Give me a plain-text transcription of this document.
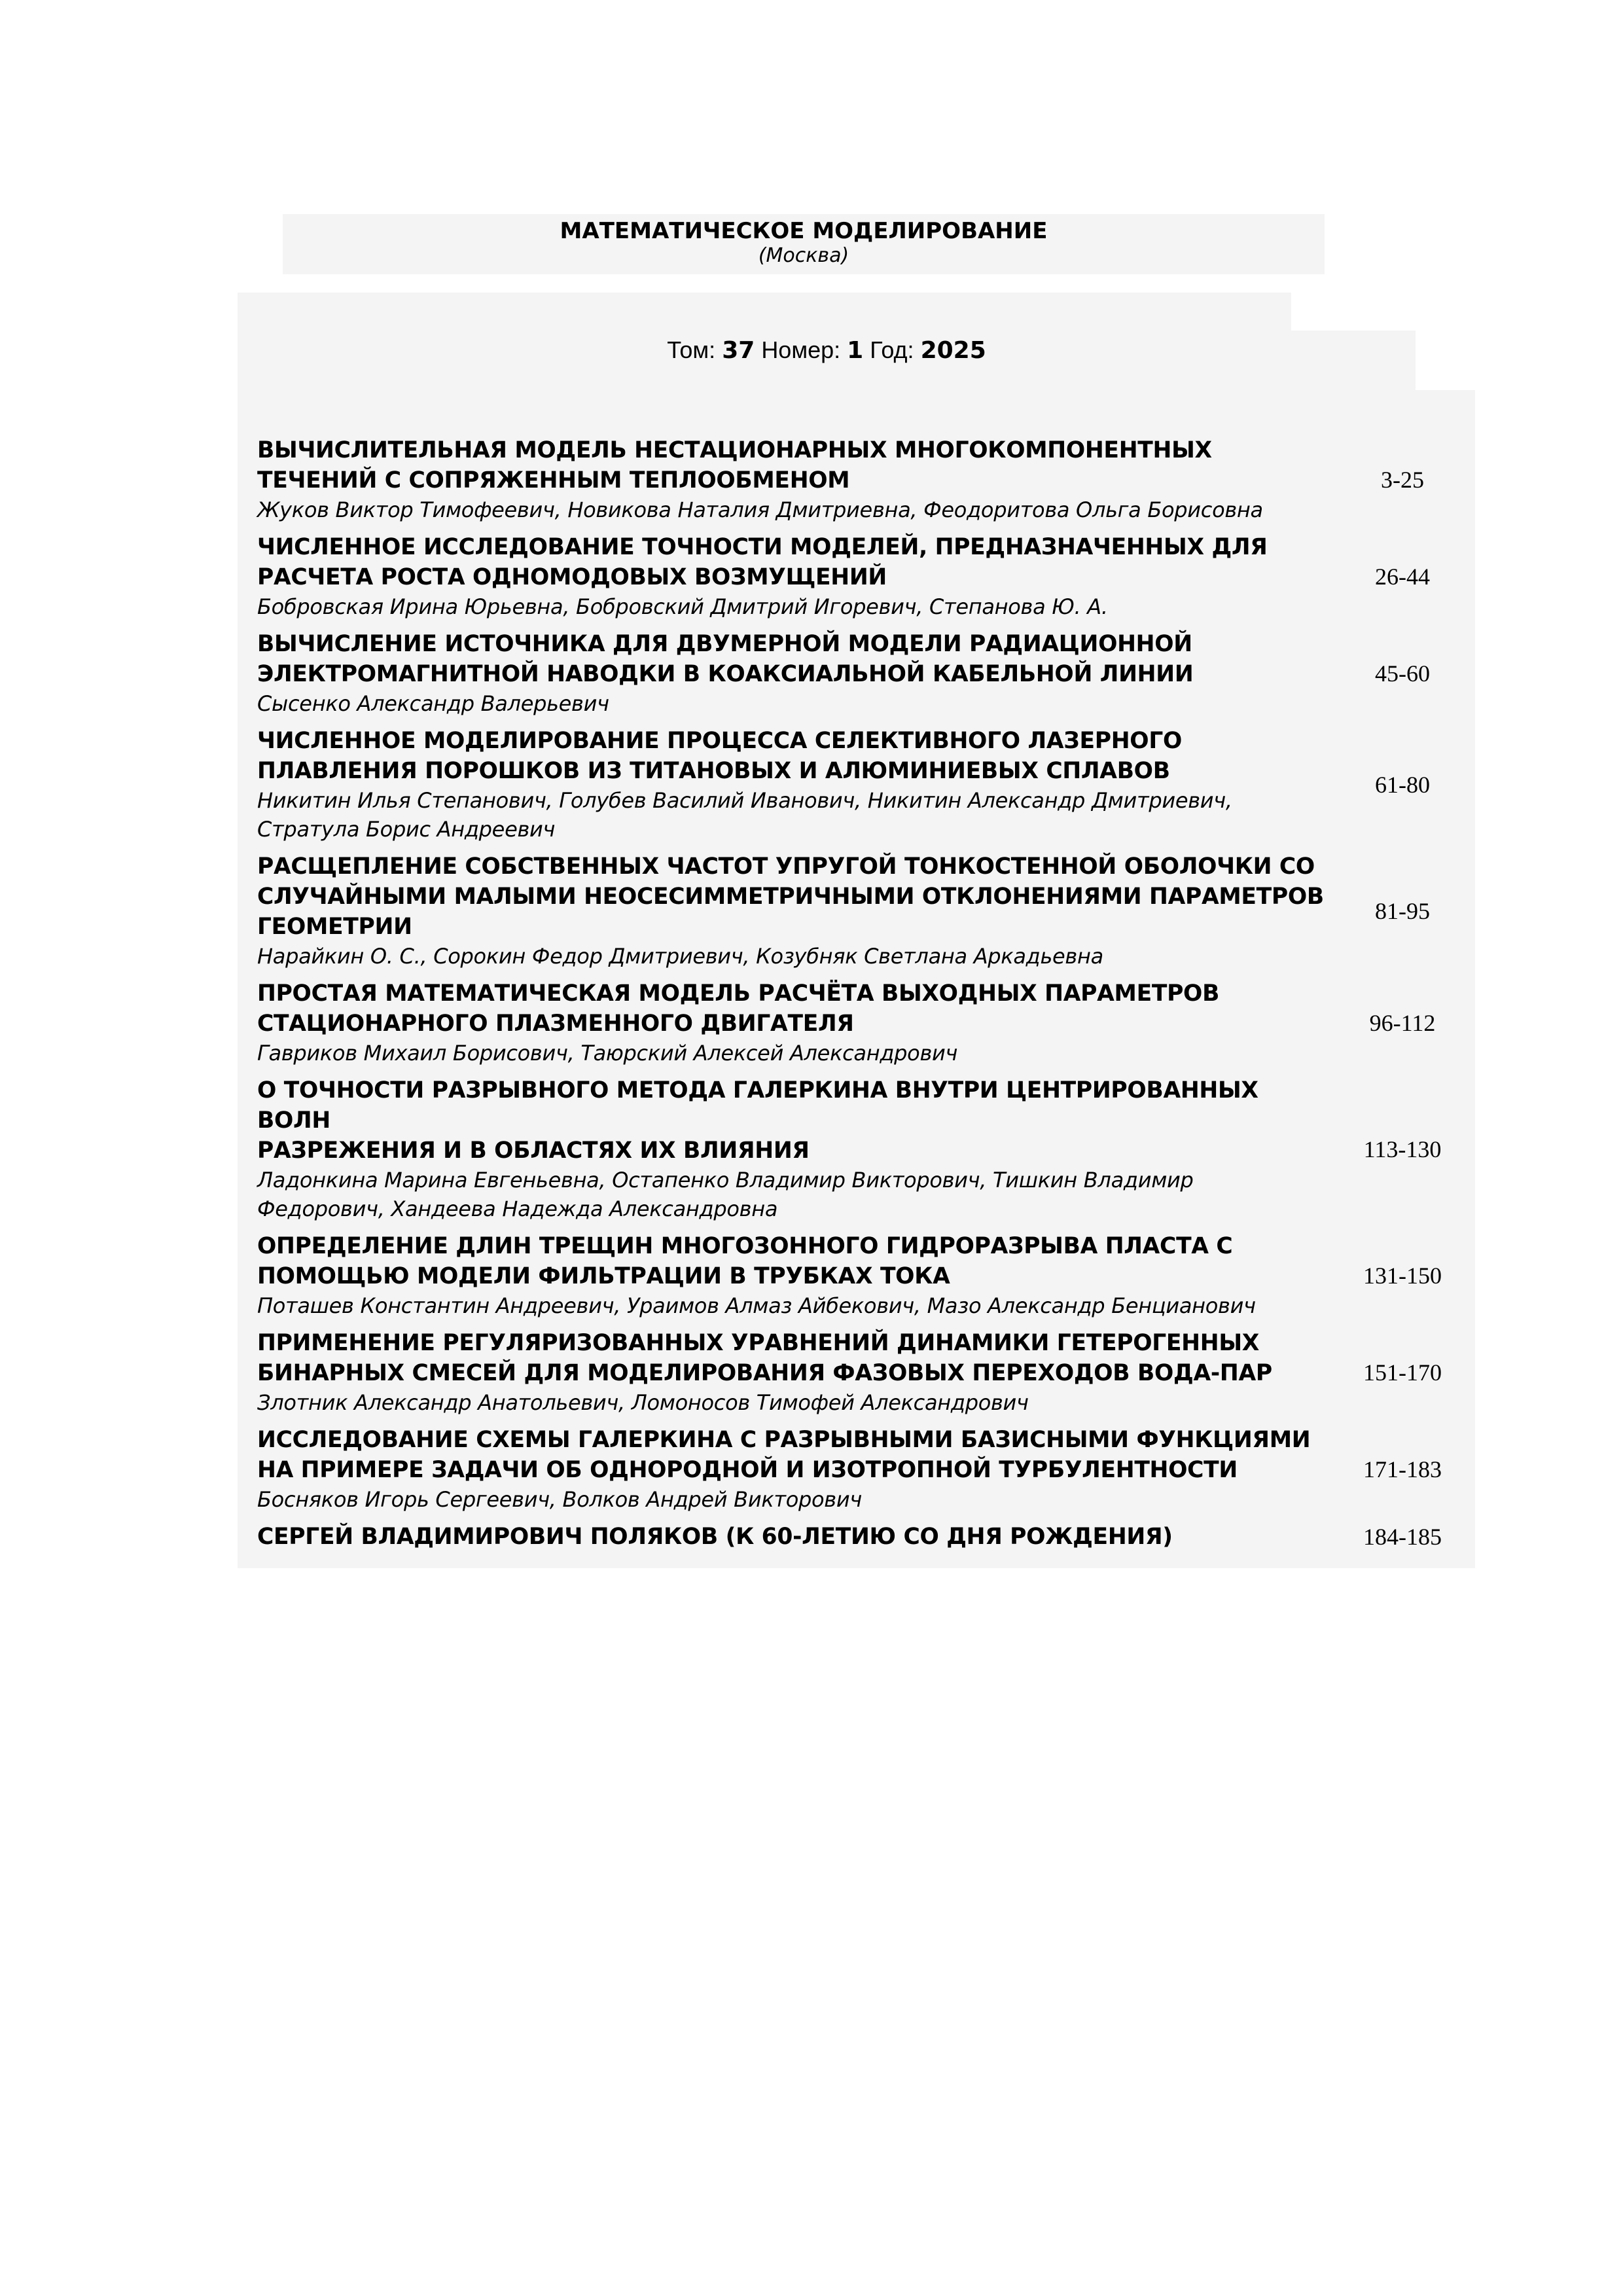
МАТЕМАТИЧЕСКОЕ МОДЕЛИРОВАНИЕ
(Москва)
Том: 37 Номер: 1 Год: 2025
ВЫЧИСЛИТЕЛЬНАЯ МОДЕЛЬ НЕСТАЦИОНАРНЫХ МНОГОКОМПОНЕНТНЫХ
ТЕЧЕНИЙ С СОПРЯЖЕННЫМ ТЕПЛООБМЕНОМ
Жуков Виктор Тимофеевич, Новикова Наталия Дмитриевна, Феодоритова Ольга Борисовна
3-25
ЧИСЛЕННОЕ ИССЛЕДОВАНИЕ ТОЧНОСТИ МОДЕЛЕЙ, ПРЕДНАЗНАЧЕННЫХ ДЛЯ
РАСЧЕТА РОСТА ОДНОМОДОВЫХ ВОЗМУЩЕНИЙ
Бобровская Ирина Юрьевна, Бобровский Дмитрий Игоревич, Степанова Ю. А.
26-44
ВЫЧИСЛЕНИЕ ИСТОЧНИКА ДЛЯ ДВУМЕРНОЙ МОДЕЛИ РАДИАЦИОННОЙ
ЭЛЕКТРОМАГНИТНОЙ НАВОДКИ В КОАКСИАЛЬНОЙ КАБЕЛЬНОЙ ЛИНИИ
Сысенко Александр Валерьевич
45-60
ЧИСЛЕННОЕ МОДЕЛИРОВАНИЕ ПРОЦЕССА СЕЛЕКТИВНОГО ЛАЗЕРНОГО
ПЛАВЛЕНИЯ ПОРОШКОВ ИЗ ТИТАНОВЫХ И АЛЮМИНИЕВЫХ СПЛАВОВ
Никитин Илья Степанович, Голубев Василий Иванович, Никитин Александр Дмитриевич,
Стратула Борис Андреевич
61-80
РАСЩЕПЛЕНИЕ СОБСТВЕННЫХ ЧАСТОТ УПРУГОЙ ТОНКОСТЕННОЙ ОБОЛОЧКИ СО
СЛУЧАЙНЫМИ МАЛЫМИ НЕОСЕСИММЕТРИЧНЫМИ ОТКЛОНЕНИЯМИ ПАРАМЕТРОВ
ГЕОМЕТРИИ
Нарайкин О. С., Сорокин Федор Дмитриевич, Козубняк Светлана Аркадьевна
81-95
ПРОСТАЯ МАТЕМАТИЧЕСКАЯ МОДЕЛЬ РАСЧЁТА ВЫХОДНЫХ ПАРАМЕТРОВ
СТАЦИОНАРНОГО ПЛАЗМЕННОГО ДВИГАТЕЛЯ
Гавриков Михаил Борисович, Таюрский Алексей Александрович
96-112
О ТОЧНОСТИ РАЗРЫВНОГО МЕТОДА ГАЛЕРКИНА ВНУТРИ ЦЕНТРИРОВАННЫХ ВОЛН
РАЗРЕЖЕНИЯ И В ОБЛАСТЯХ ИХ ВЛИЯНИЯ
Ладонкина Марина Евгеньевна, Остапенко Владимир Викторович, Тишкин Владимир
Федорович, Хандеева Надежда Александровна
113-130
ОПРЕДЕЛЕНИЕ ДЛИН ТРЕЩИН МНОГОЗОННОГО ГИДРОРАЗРЫВА ПЛАСТА С
ПОМОЩЬЮ МОДЕЛИ ФИЛЬТРАЦИИ В ТРУБКАХ ТОКА
Поташев Константин Андреевич, Ураимов Алмаз Айбекович, Мазо Александр Бенцианович
131-150
ПРИМЕНЕНИЕ РЕГУЛЯРИЗОВАННЫХ УРАВНЕНИЙ ДИНАМИКИ ГЕТЕРОГЕННЫХ
БИНАРНЫХ СМЕСЕЙ ДЛЯ МОДЕЛИРОВАНИЯ ФАЗОВЫХ ПЕРЕХОДОВ ВОДА-ПАР
Злотник Александр Анатольевич, Ломоносов Тимофей Александрович
151-170
ИССЛЕДОВАНИЕ СХЕМЫ ГАЛЕРКИНА С РАЗРЫВНЫМИ БАЗИСНЫМИ ФУНКЦИЯМИ
НА ПРИМЕРЕ ЗАДАЧИ ОБ ОДНОРОДНОЙ И ИЗОТРОПНОЙ ТУРБУЛЕНТНОСТИ
Босняков Игорь Сергеевич, Волков Андрей Викторович
171-183
СЕРГЕЙ ВЛАДИМИРОВИЧ ПОЛЯКОВ (К 60-ЛЕТИЮ СО ДНЯ РОЖДЕНИЯ)	184-185
